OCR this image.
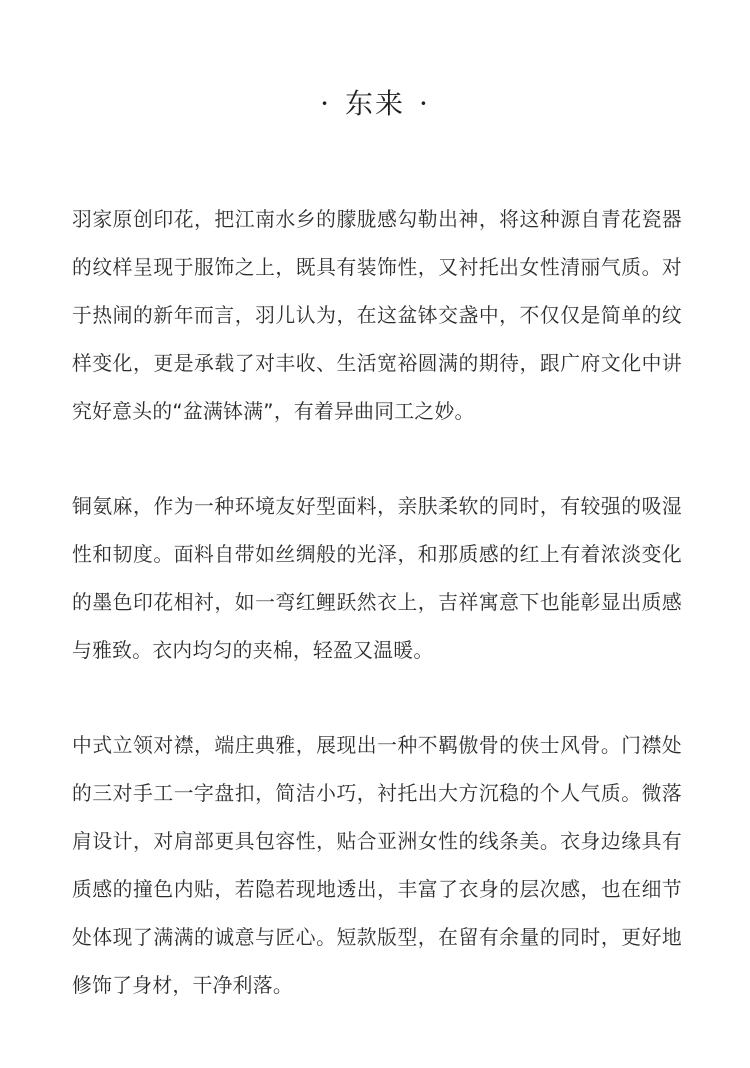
· 东来 ·

羽家原创印花，把江南水乡的朦胧感勾勒出神，将这种源自青花瓷器的纹样呈现于服饰之上，既具有装饰性，又衬托出女性清丽气质。对于热闹的新年而言，羽儿认为，在这盆钵交盏中，不仅仅是简单的纹样变化，更是承载了对丰收、生活宽裕圆满的期待，跟广府文化中讲究好意头的“盆满钵满”，有着异曲同工之妙。

铜氨麻，作为一种环境友好型面料，亲肤柔软的同时，有较强的吸湿性和韧度。面料自带如丝绸般的光泽，和那质感的红上有着浓淡变化的墨色印花相衬，如一弯红鲤跃然衣上，吉祥寓意下也能彰显出质感与雅致。衣内均匀的夹棉，轻盈又温暖。

中式立领对襟，端庄典雅，展现出一种不羁傲骨的侠士风骨。门襟处的三对手工一字盘扣，简洁小巧，衬托出大方沉稳的个人气质。微落肩设计，对肩部更具包容性，贴合亚洲女性的线条美。衣身边缘具有质感的撞色内贴，若隐若现地透出，丰富了衣身的层次感，也在细节处体现了满满的诚意与匠心。短款版型，在留有余量的同时，更好地修饰了身材，干净利落。
